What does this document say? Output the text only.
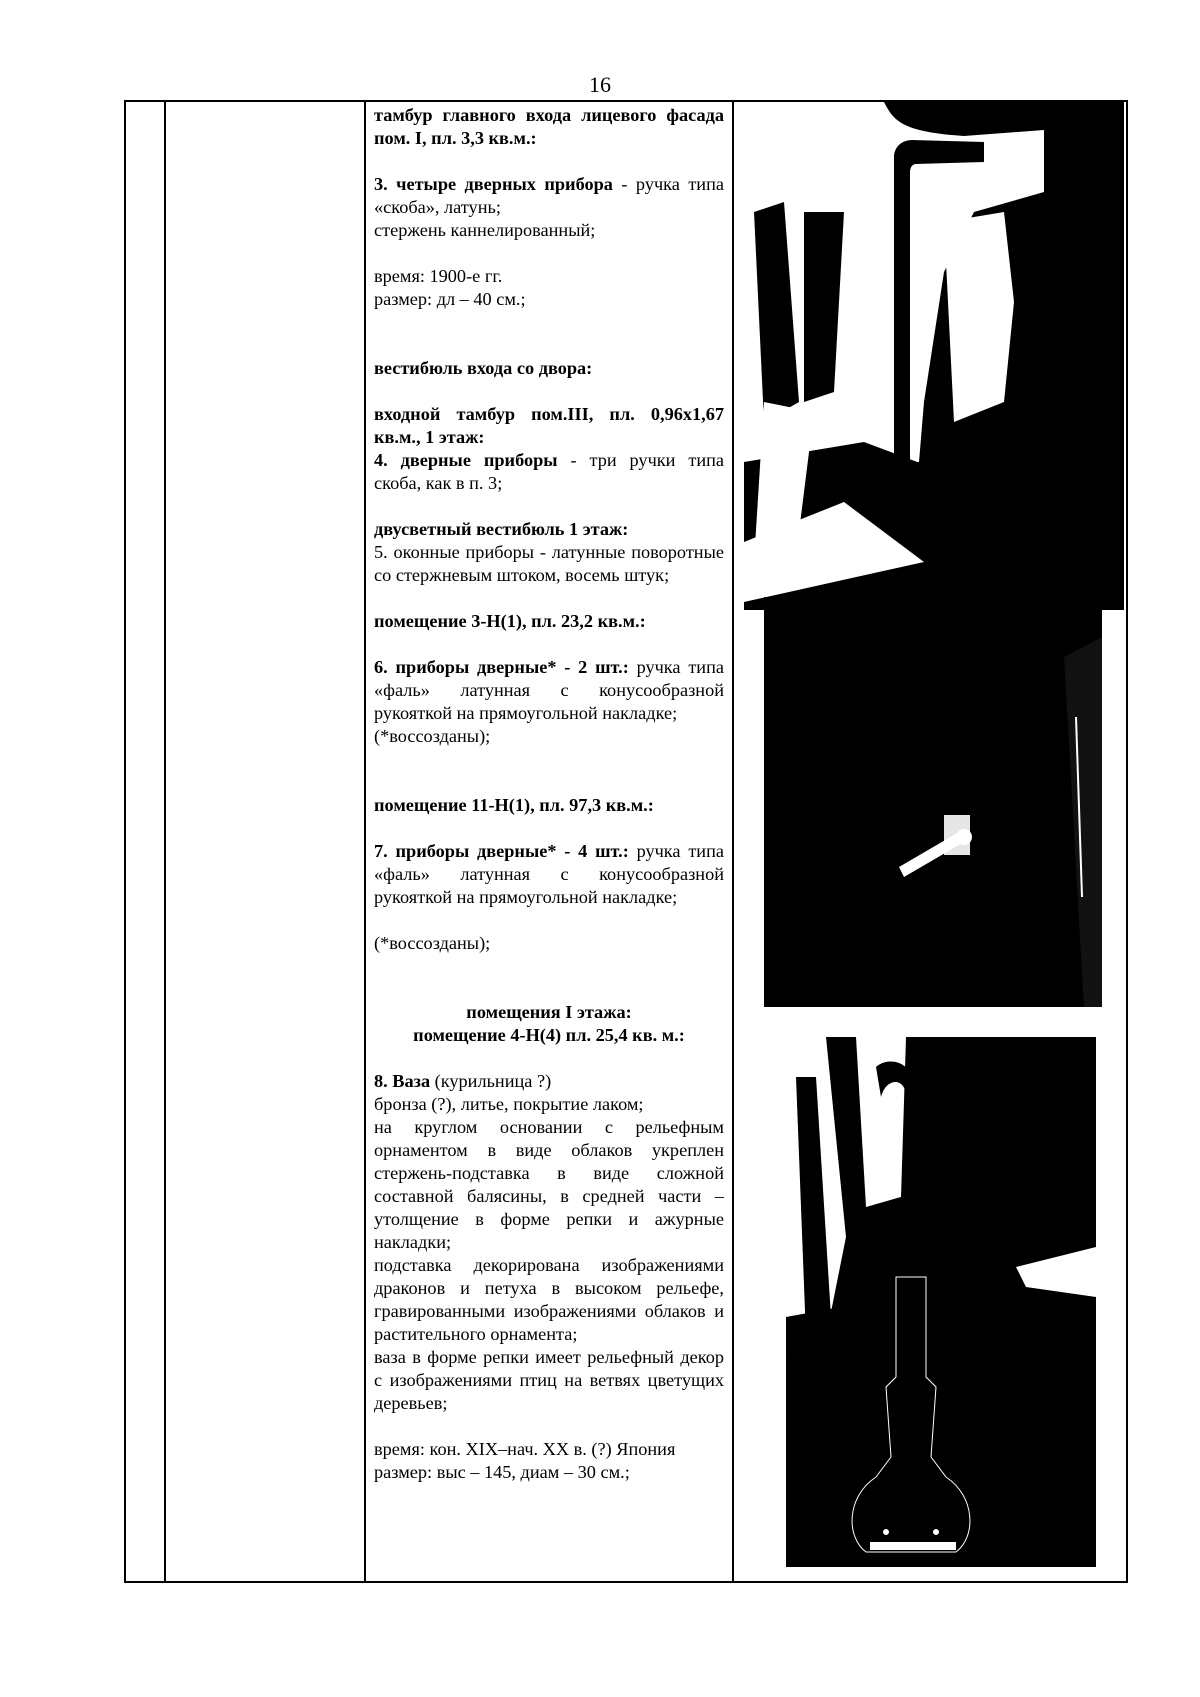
16

тамбур главного входа лицевого фасада пом. I, пл. 3,3 кв.м.:

3. четыре дверных прибора - ручка типа «скоба», латунь;

стержень каннелированный;

время: 1900-е гг.

размер: дл – 40 см.;

вестибюль входа со двора:

входной тамбур пом.III, пл. 0,96х1,67 кв.м., 1 этаж:

4. дверные приборы - три ручки типа скоба, как в п. 3;

двусветный вестибюль 1 этаж:

5. оконные приборы - латунные поворотные со стержневым штоком, восемь штук;

помещение 3-Н(1), пл. 23,2 кв.м.:

6. приборы дверные* - 2 шт.: ручка типа «фаль» латунная с конусообразной рукояткой на прямоугольной накладке;

(*воссозданы);

помещение 11-Н(1), пл. 97,3 кв.м.:

7. приборы дверные* - 4 шт.: ручка типа «фаль» латунная с конусообразной рукояткой на прямоугольной накладке;

(*воссозданы);

помещения I этажа:

помещение 4-Н(4) пл. 25,4 кв. м.:

8. Ваза (курильница ?)

бронза (?), литье, покрытие лаком;

на круглом основании с рельефным орнаментом в виде облаков укреплен стержень-подставка в виде сложной составной балясины, в средней части – утолщение в форме репки и ажурные накладки;

подставка декорирована изображениями драконов и петуха в высоком рельефе, гравированными изображениями облаков и растительного орнамента;

ваза в форме репки имеет рельефный декор с изображениями птиц на ветвях цветущих деревьев;

время: кон. XIX–нач. XX в. (?) Япония

размер: выс – 145, диам – 30 см.;
